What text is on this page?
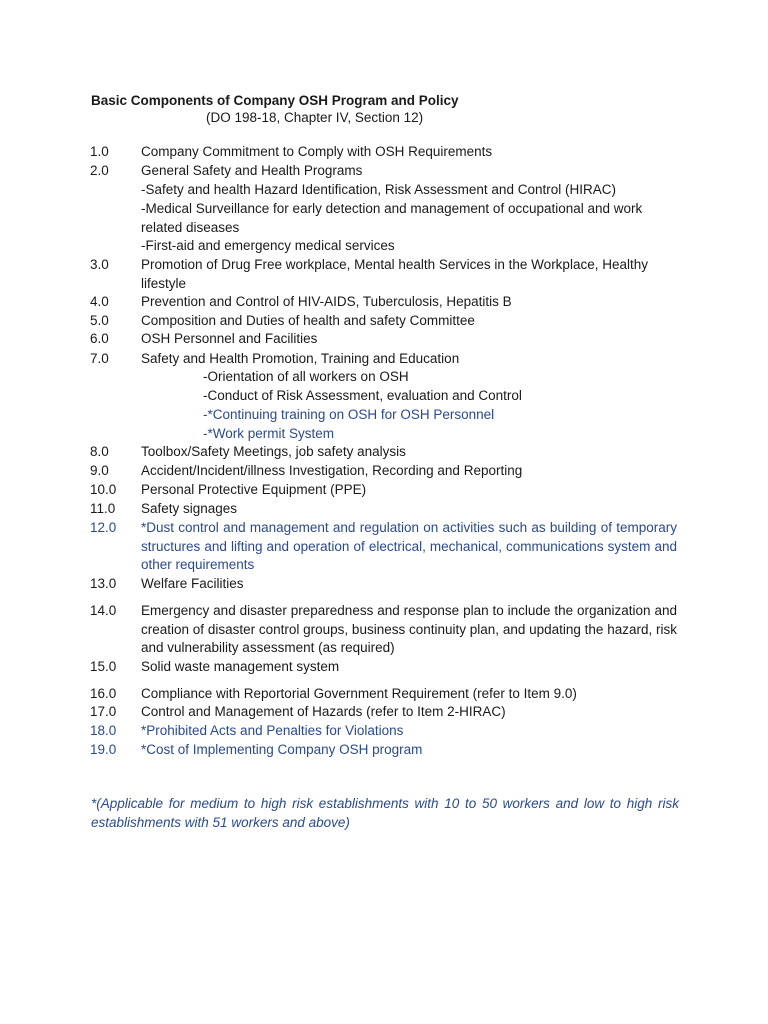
Basic Components of Company OSH Program and Policy
(DO 198-18, Chapter IV, Section 12)
1.0	Company Commitment to Comply with OSH Requirements
2.0	General Safety and Health Programs
-Safety and health Hazard Identification, Risk Assessment and Control (HIRAC)
-Medical Surveillance for early detection and management of occupational and work related diseases
-First-aid and emergency medical services
3.0	Promotion of Drug Free workplace, Mental health Services in the Workplace, Healthy lifestyle
4.0	Prevention and Control of HIV-AIDS, Tuberculosis, Hepatitis B
5.0	Composition and Duties of health and safety Committee
6.0	OSH Personnel and Facilities
7.0	Safety and Health Promotion, Training and Education
-Orientation of all workers on OSH
-Conduct of Risk Assessment, evaluation and Control
-*Continuing training on OSH for OSH Personnel
-*Work permit System
8.0	Toolbox/Safety Meetings, job safety analysis
9.0	Accident/Incident/illness Investigation, Recording and Reporting
10.0	Personal Protective Equipment (PPE)
11.0	Safety signages
12.0	*Dust control and management and regulation on activities such as building of temporary structures and lifting and operation of electrical, mechanical, communications system and other requirements
13.0	Welfare Facilities
14.0	Emergency and disaster preparedness and response plan to include the organization and creation of disaster control groups, business continuity plan, and updating the hazard, risk and vulnerability assessment (as required)
15.0	Solid waste management system
16.0	Compliance with Reportorial Government Requirement (refer to Item 9.0)
17.0	Control and Management of Hazards (refer to Item 2-HIRAC)
18.0	*Prohibited Acts and Penalties for Violations
19.0	*Cost of Implementing Company OSH program
*(Applicable for medium to high risk establishments with 10 to 50 workers and low to high risk establishments with 51 workers and above)
